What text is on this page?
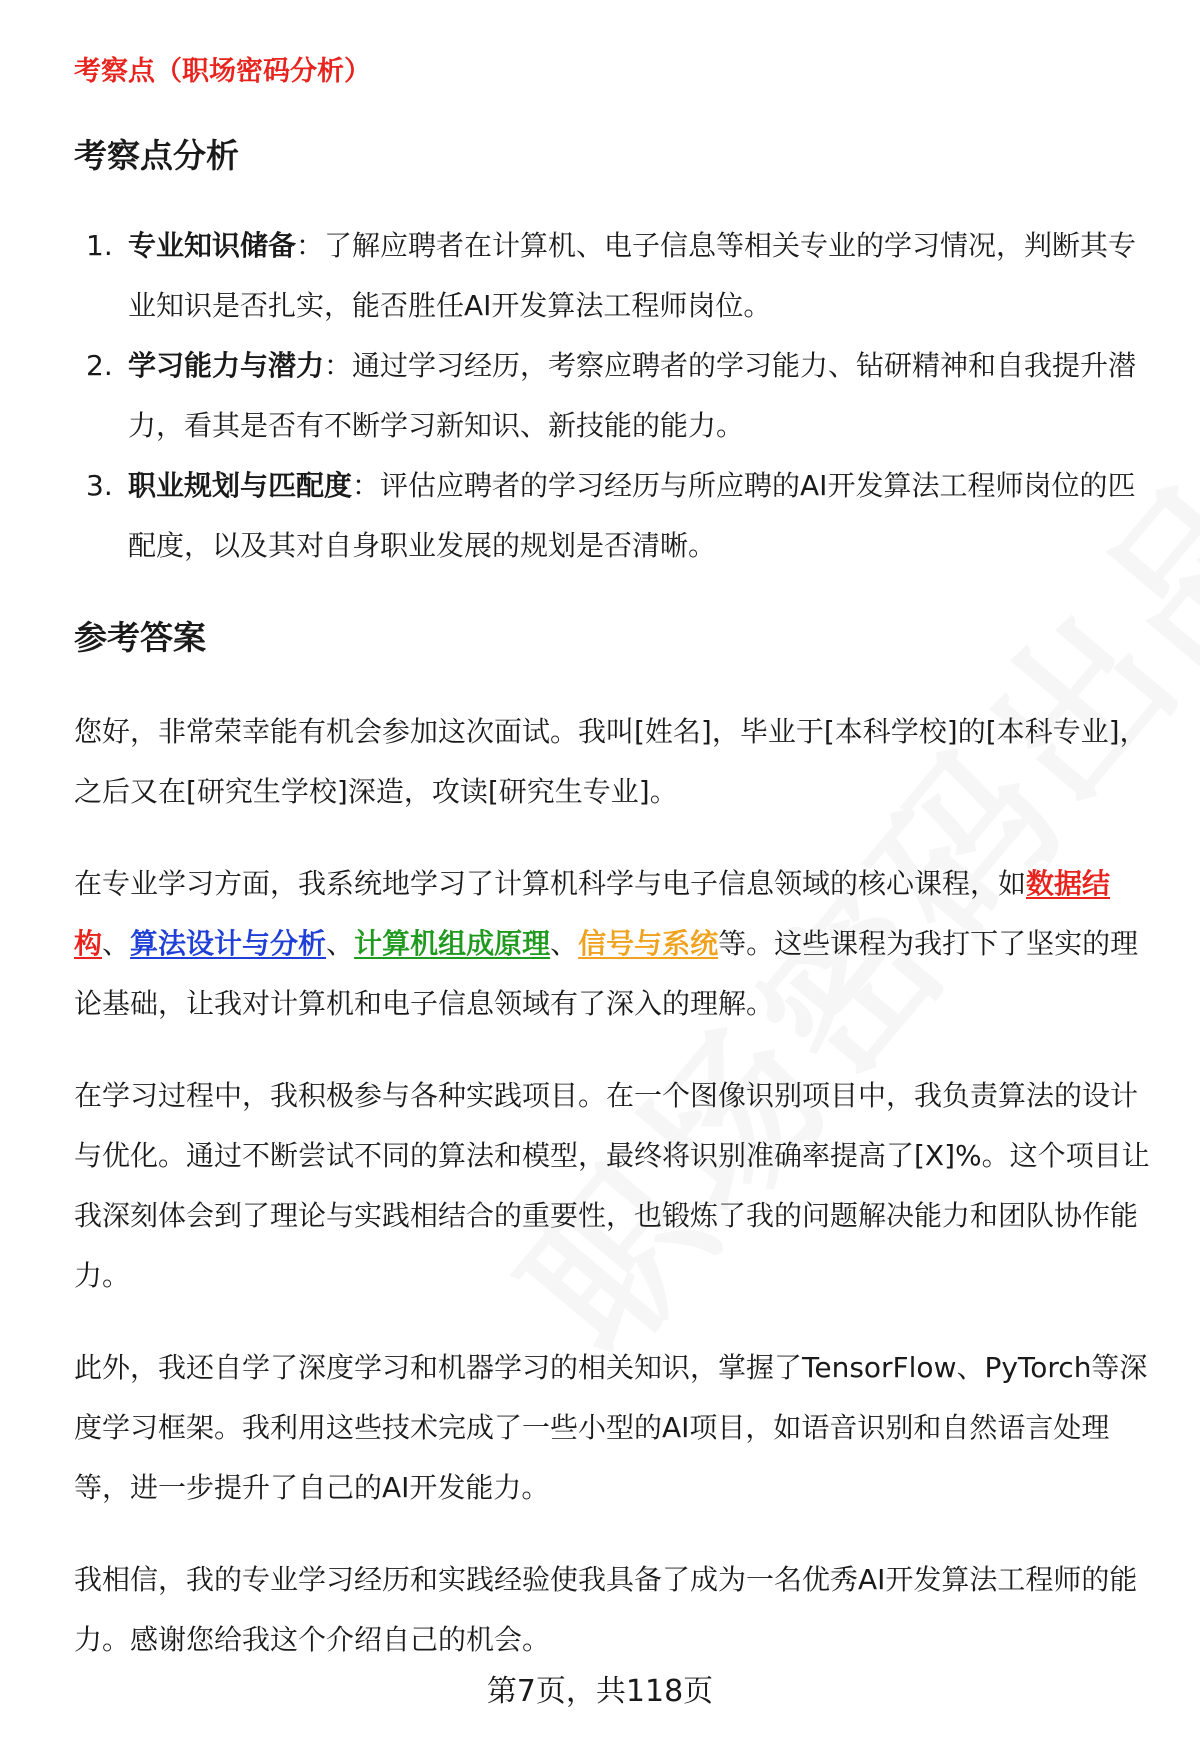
考察点（职场密码分析）
考察点分析
1. 专业知识储备：了解应聘者在计算机、电子信息等相关专业的学习情况，判断其专业知识是否扎实，能否胜任AI开发算法工程师岗位。
2. 学习能力与潜力：通过学习经历，考察应聘者的学习能力、钻研精神和自我提升潜力，看其是否有不断学习新知识、新技能的能力。
3. 职业规划与匹配度：评估应聘者的学习经历与所应聘的AI开发算法工程师岗位的匹配度，以及其对自身职业发展的规划是否清晰。
参考答案

您好，非常荣幸能有机会参加这次面试。我叫[姓名]，毕业于[本科学校]的[本科专业]，之后又在[研究生学校]深造，攻读[研究生专业]。

在专业学习方面，我系统地学习了计算机科学与电子信息领域的核心课程，如数据结构、算法设计与分析、计算机组成原理、信号与系统等。这些课程为我打下了坚实的理论基础，让我对计算机和电子信息领域有了深入的理解。

在学习过程中，我积极参与各种实践项目。在一个图像识别项目中，我负责算法的设计与优化。通过不断尝试不同的算法和模型，最终将识别准确率提高了[X]%。这个项目让我深刻体会到了理论与实践相结合的重要性，也锻炼了我的问题解决能力和团队协作能力。

此外，我还自学了深度学习和机器学习的相关知识，掌握了TensorFlow、PyTorch等深度学习框架。我利用这些技术完成了一些小型的AI项目，如语音识别和自然语言处理等，进一步提升了自己的AI开发能力。

我相信，我的专业学习经历和实践经验使我具备了成为一名优秀AI开发算法工程师的能力。感谢您给我这个介绍自己的机会。

第7页，共118页
